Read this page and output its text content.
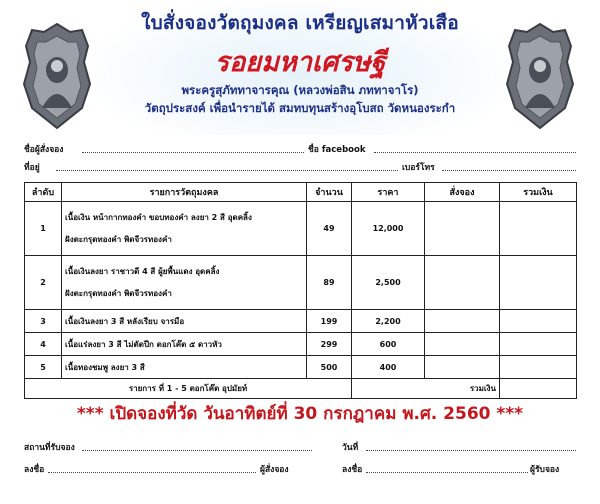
ใบสั่งจองวัตถุมงคล เหรียญเสมาหัวเสือ
รอยมหาเศรษฐี
พระครูสุภัททาจารคุณ (หลวงพ่อสิน ภททาจาโร)
วัตถุประสงค์ เพื่อนำรายได้ สมทบทุนสร้างอุโบสถ วัดหนองระกำ
ชื่อผู้สั่งจอง	ชื่อ facebook
ที่อยู่	เบอร์โทร
ลำดับ	รายการวัตถุมงคล	จำนวน	ราคา	สั่งจอง	รวมเงิน
1	เนื้อเงิน หน้ากากทองคำ ขอบทองคำ ลงยา 2 สี อุดคลิ้ง
ฝังตะกรุดทองคำ พิดจีวรทองคำ	49	12,000		
2	เนื้อเงินลงยา ราชาวดี 4 สี ผู้ยพื้นแดง อุดคลิ้ง
ฝังตะกรุดทองคำ พิดจีวรทองคำ	89	2,500		
3	เนื้อเงินลงยา 3 สี หลังเรียบ จารมือ	199	2,200		
4	เนื้อแร่ลงยา 3 สี ไม่ตัดปีก ตอกโค๊ต ๕ ดาวหัว	299	600		
5	เนื้อทองชมพู ลงยา 3 สี	500	400		
รายการ ที่ 1 - 5 ตอกโค๊ต อุปมัยท์			รวมเงิน		
*** เปิดจองที่วัด วันอาทิตย์ที่ 30 กรกฎาคม พ.ศ. 2560 ***
สถานที่รับจอง	วันที่
ลงชื่อ	ผู้สั่งจอง	ลงชื่อ	ผู้รับจอง
